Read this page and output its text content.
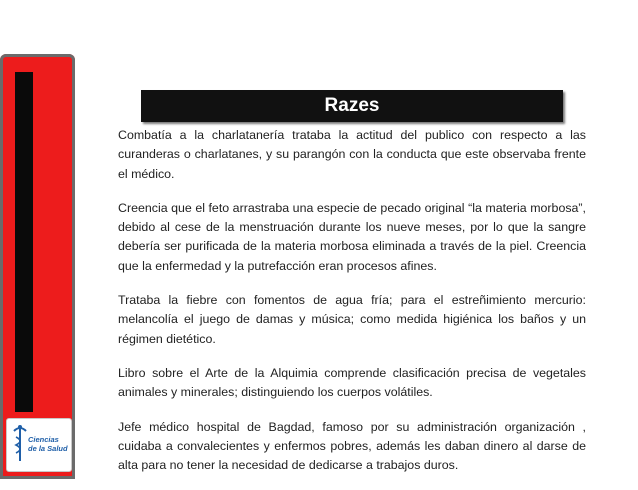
Ciencias
de la Salud
Razes

Combatía a la charlatanería trataba la actitud del publico con respecto a las curanderas o charlatanes, y su parangón con la conducta que este observaba frente el médico.

Creencia que el feto arrastraba una especie de pecado original “la materia morbosa”, debido al cese de la menstruación durante los nueve meses, por lo que la sangre debería ser purificada de la materia morbosa eliminada a través de la piel. Creencia que la enfermedad y la putrefacción eran procesos afines.

Trataba la fiebre con fomentos de agua fría; para el estreñimiento mercurio: melancolía el juego de damas y música; como medida higiénica los baños y un régimen dietético.

Libro sobre el Arte de la Alquimia comprende clasificación precisa de vegetales animales y minerales; distinguiendo los cuerpos volátiles.

Jefe médico hospital de Bagdad, famoso por su administración organización , cuidaba a convalecientes y enfermos pobres, además les daban dinero al darse de alta para no tener la necesidad de dedicarse a trabajos duros.
